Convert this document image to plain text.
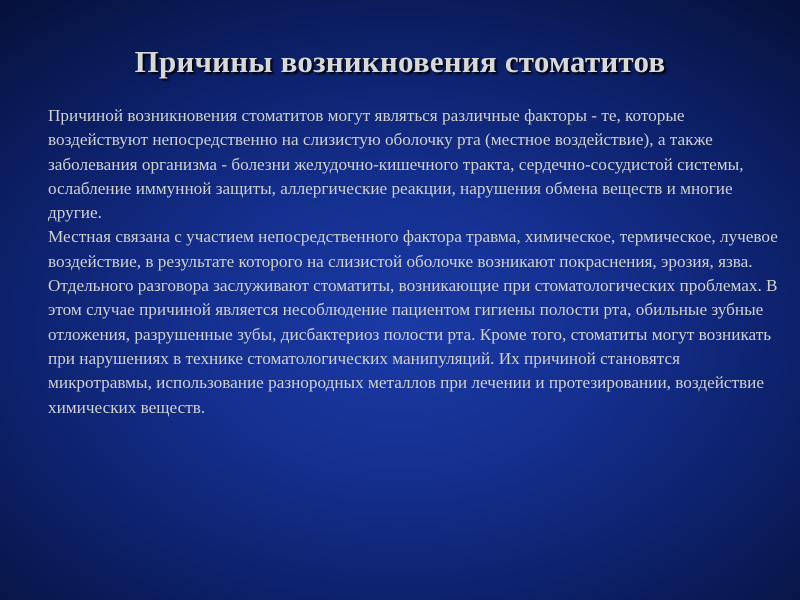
Причины возникновения стоматитов

Причиной возникновения стоматитов могут являться различные факторы - те, которые воздействуют непосредственно на слизистую оболочку рта (местное воздействие), а также заболевания организма - болезни желудочно-кишечного тракта, сердечно-сосудистой системы, ослабление иммунной защиты, аллергические реакции, нарушения обмена веществ и многие другие.

Местная связана с участием непосредственного фактора травма, химическое, термическое, лучевое воздействие, в результате которого на слизистой оболочке возникают покраснения, эрозия, язва.

Отдельного разговора заслуживают стоматиты, возникающие при стоматологических проблемах. В этом случае причиной является несоблюдение пациентом гигиены полости рта, обильные зубные отложения, разрушенные зубы, дисбактериоз полости рта. Кроме того, стоматиты могут возникать при нарушениях в технике стоматологических манипуляций. Их причиной становятся микротравмы, использование разнородных металлов при лечении и протезировании, воздействие химических веществ.
